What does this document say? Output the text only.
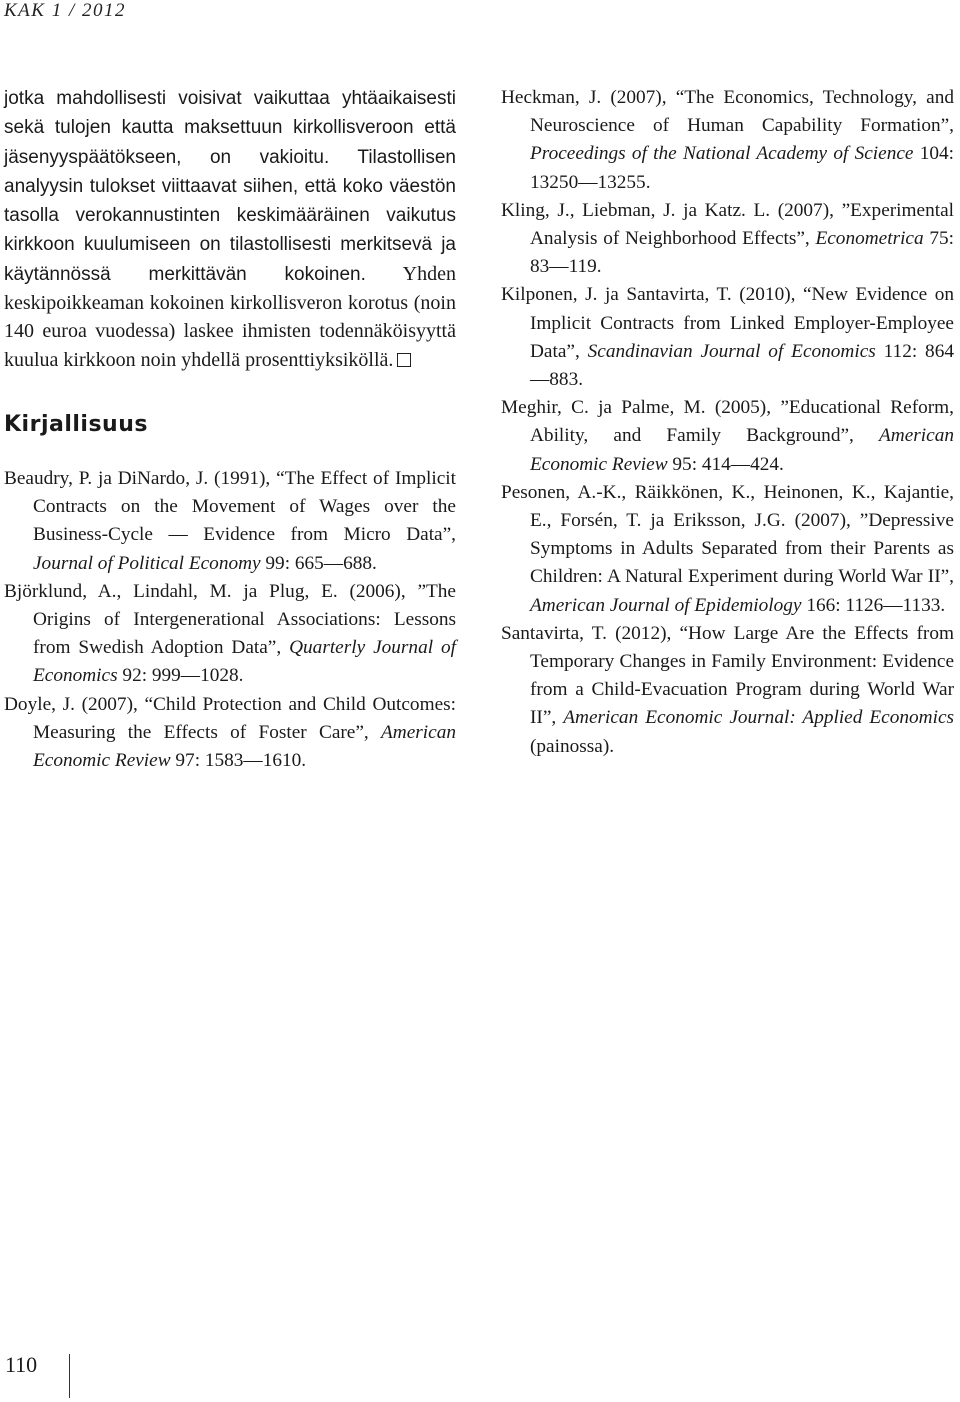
KAK 1 / 2012

jotka mahdollisesti voisivat vaikuttaa yhtäaikaisesti sekä tulojen kautta maksettuun kirkollisveroon että jäsenyyspäätökseen, on vakioitu. Tilastollisen analyysin tulokset viittaavat siihen, että koko väestön tasolla verokannustinten keskimääräinen vaikutus kirkkoon kuulumiseen on tilastollisesti merkitsevä ja käytännössä merkittävän kokoinen. Yhden keskipoikkeaman kokoinen kirkollisveron korotus (noin 140 euroa vuodessa) laskee ihmisten todennäköisyyttä kuulua kirkkoon noin yhdellä prosenttiyksiköllä.

Kirjallisuus
Beaudry, P. ja DiNardo, J. (1991), “The Effect of Implicit Contracts on the Movement of Wages over the Business-Cycle — Evidence from Micro Data”, Journal of Political Economy 99: 665—688.
Björklund, A., Lindahl, M. ja Plug, E. (2006), ”The Origins of Intergenerational Associations: Lessons from Swedish Adoption Data”, Quarterly Journal of Economics 92: 999—1028.
Doyle, J. (2007), “Child Protection and Child Outcomes: Measuring the Effects of Foster Care”, American Economic Review 97: 1583—1610.
Heckman, J. (2007), “The Economics, Technology, and Neuroscience of Human Capability Formation”, Proceedings of the National Academy of Science 104: 13250—13255.
Kling, J., Liebman, J. ja Katz. L. (2007), ”Experimental Analysis of Neighborhood Effects”, Econometrica 75: 83—119.
Kilponen, J. ja Santavirta, T. (2010), “New Evidence on Implicit Contracts from Linked Employer-Employee Data”, Scandinavian Journal of Economics 112: 864—883.
Meghir, C. ja Palme, M. (2005), ”Educational Reform, Ability, and Family Background”, American Economic Review 95: 414—424.
Pesonen, A.-K., Räikkönen, K., Heinonen, K., Kajantie, E., Forsén, T. ja Eriksson, J.G. (2007), ”Depressive Symptoms in Adults Separated from their Parents as Children: A Natural Experiment during World War II”, American Journal of Epidemiology 166: 1126—1133.
Santavirta, T. (2012), “How Large Are the Effects from Temporary Changes in Family Environment: Evidence from a Child-Evacuation Program during World War II”, American Economic Journal: Applied Economics (painossa).
110
